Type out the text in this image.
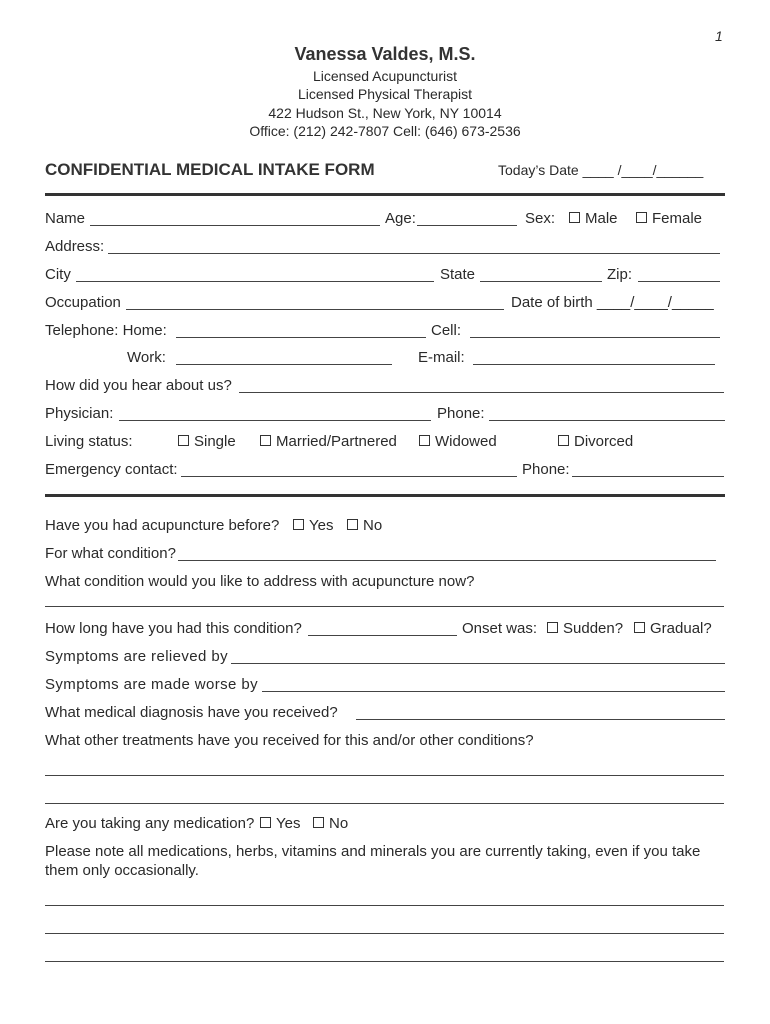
1
Vanessa Valdes, M.S.
Licensed Acupuncturist
Licensed Physical Therapist
422 Hudson St., New York, NY 10014
Office: (212) 242-7807 Cell: (646) 673-2536
CONFIDENTIAL MEDICAL INTAKE FORM	Today’s Date ____ /____/______
Name	Age:	Sex:	Male	Female
Address:
City	State	Zip:
Occupation	Date of birth ____/____/_____
Telephone: Home:	Cell:
Work:	E-mail:
How did you hear about us?
Physician:	Phone:
Living status:	Single	Married/Partnered	Widowed	Divorced
Emergency contact:	Phone:
Have you had acupuncture before?	Yes	No
For what condition?
What condition would you like to address with acupuncture now?
How long have you had this condition?	Onset was:	Sudden?	Gradual?
Symptoms are relieved by
Symptoms are made worse by
What medical diagnosis have you received?
What other treatments have you received for this and/or other conditions?
Are you taking any medication?	Yes	No
Please note all medications, herbs, vitamins and minerals you are currently taking, even if you take
them only occasionally.
